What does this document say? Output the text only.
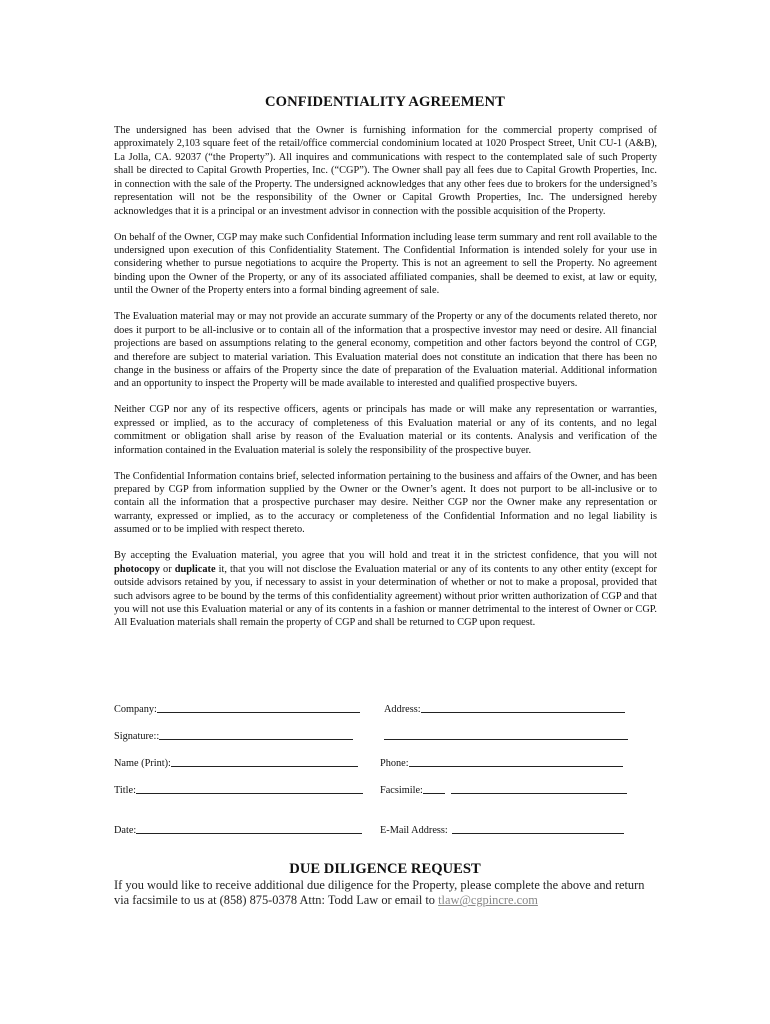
CONFIDENTIALITY AGREEMENT

The undersigned has been advised that the Owner is furnishing information for the commercial property comprised of approximately 2,103 square feet of the retail/office commercial condominium located at 1020 Prospect Street, Unit CU-1 (A&B), La Jolla, CA. 92037 (“the Property”). All inquires and communications with respect to the contemplated sale of such Property shall be directed to Capital Growth Properties, Inc. (“CGP”). The Owner shall pay all fees due to Capital Growth Properties, Inc. in connection with the sale of the Property. The undersigned acknowledges that any other fees due to brokers for the undersigned’s representation will not be the responsibility of the Owner or Capital Growth Properties, Inc. The undersigned hereby acknowledges that it is a principal or an investment advisor in connection with the possible acquisition of the Property.

On behalf of the Owner, CGP may make such Confidential Information including lease term summary and rent roll available to the undersigned upon execution of this Confidentiality Statement. The Confidential Information is intended solely for your use in considering whether to pursue negotiations to acquire the Property. This is not an agreement to sell the Property. No agreement binding upon the Owner of the Property, or any of its associated affiliated companies, shall be deemed to exist, at law or equity, until the Owner of the Property enters into a formal binding agreement of sale.

The Evaluation material may or may not provide an accurate summary of the Property or any of the documents related thereto, nor does it purport to be all-inclusive or to contain all of the information that a prospective investor may need or desire. All financial projections are based on assumptions relating to the general economy, competition and other factors beyond the control of CGP, and therefore are subject to material variation. This Evaluation material does not constitute an indication that there has been no change in the business or affairs of the Property since the date of preparation of the Evaluation material. Additional information and an opportunity to inspect the Property will be made available to interested and qualified prospective buyers.

Neither CGP nor any of its respective officers, agents or principals has made or will make any representation or warranties, expressed or implied, as to the accuracy of completeness of this Evaluation material or any of its contents, and no legal commitment or obligation shall arise by reason of the Evaluation material or its contents. Analysis and verification of the information contained in the Evaluation material is solely the responsibility of the prospective buyer.

The Confidential Information contains brief, selected information pertaining to the business and affairs of the Owner, and has been prepared by CGP from information supplied by the Owner or the Owner’s agent. It does not purport to be all-inclusive or to contain all the information that a prospective purchaser may desire. Neither CGP nor the Owner make any representation or warranty, expressed or implied, as to the accuracy or completeness of the Confidential Information and no legal liability is assumed or to be implied with respect thereto.

By accepting the Evaluation material, you agree that you will hold and treat it in the strictest confidence, that you will not photocopy or duplicate it, that you will not disclose the Evaluation material or any of its contents to any other entity (except for outside advisors retained by you, if necessary to assist in your determination of whether or not to make a proposal, provided that such advisors agree to be bound by the terms of this confidentiality agreement) without prior written authorization of CGP and that you will not use this Evaluation material or any of its contents in a fashion or manner detrimental to the interest of Owner or CGP. All Evaluation materials shall remain the property of CGP and shall be returned to CGP upon request.

Company:	Address:
Signature::
Name (Print):	Phone:
Title:	Facsimile:
Date:	E-Mail Address:
DUE DILIGENCE REQUEST
If you would like to receive additional due diligence for the Property, please complete the above and return via facsimile to us at (858) 875-0378 Attn: Todd Law or email to tlaw@cgpincre.com
